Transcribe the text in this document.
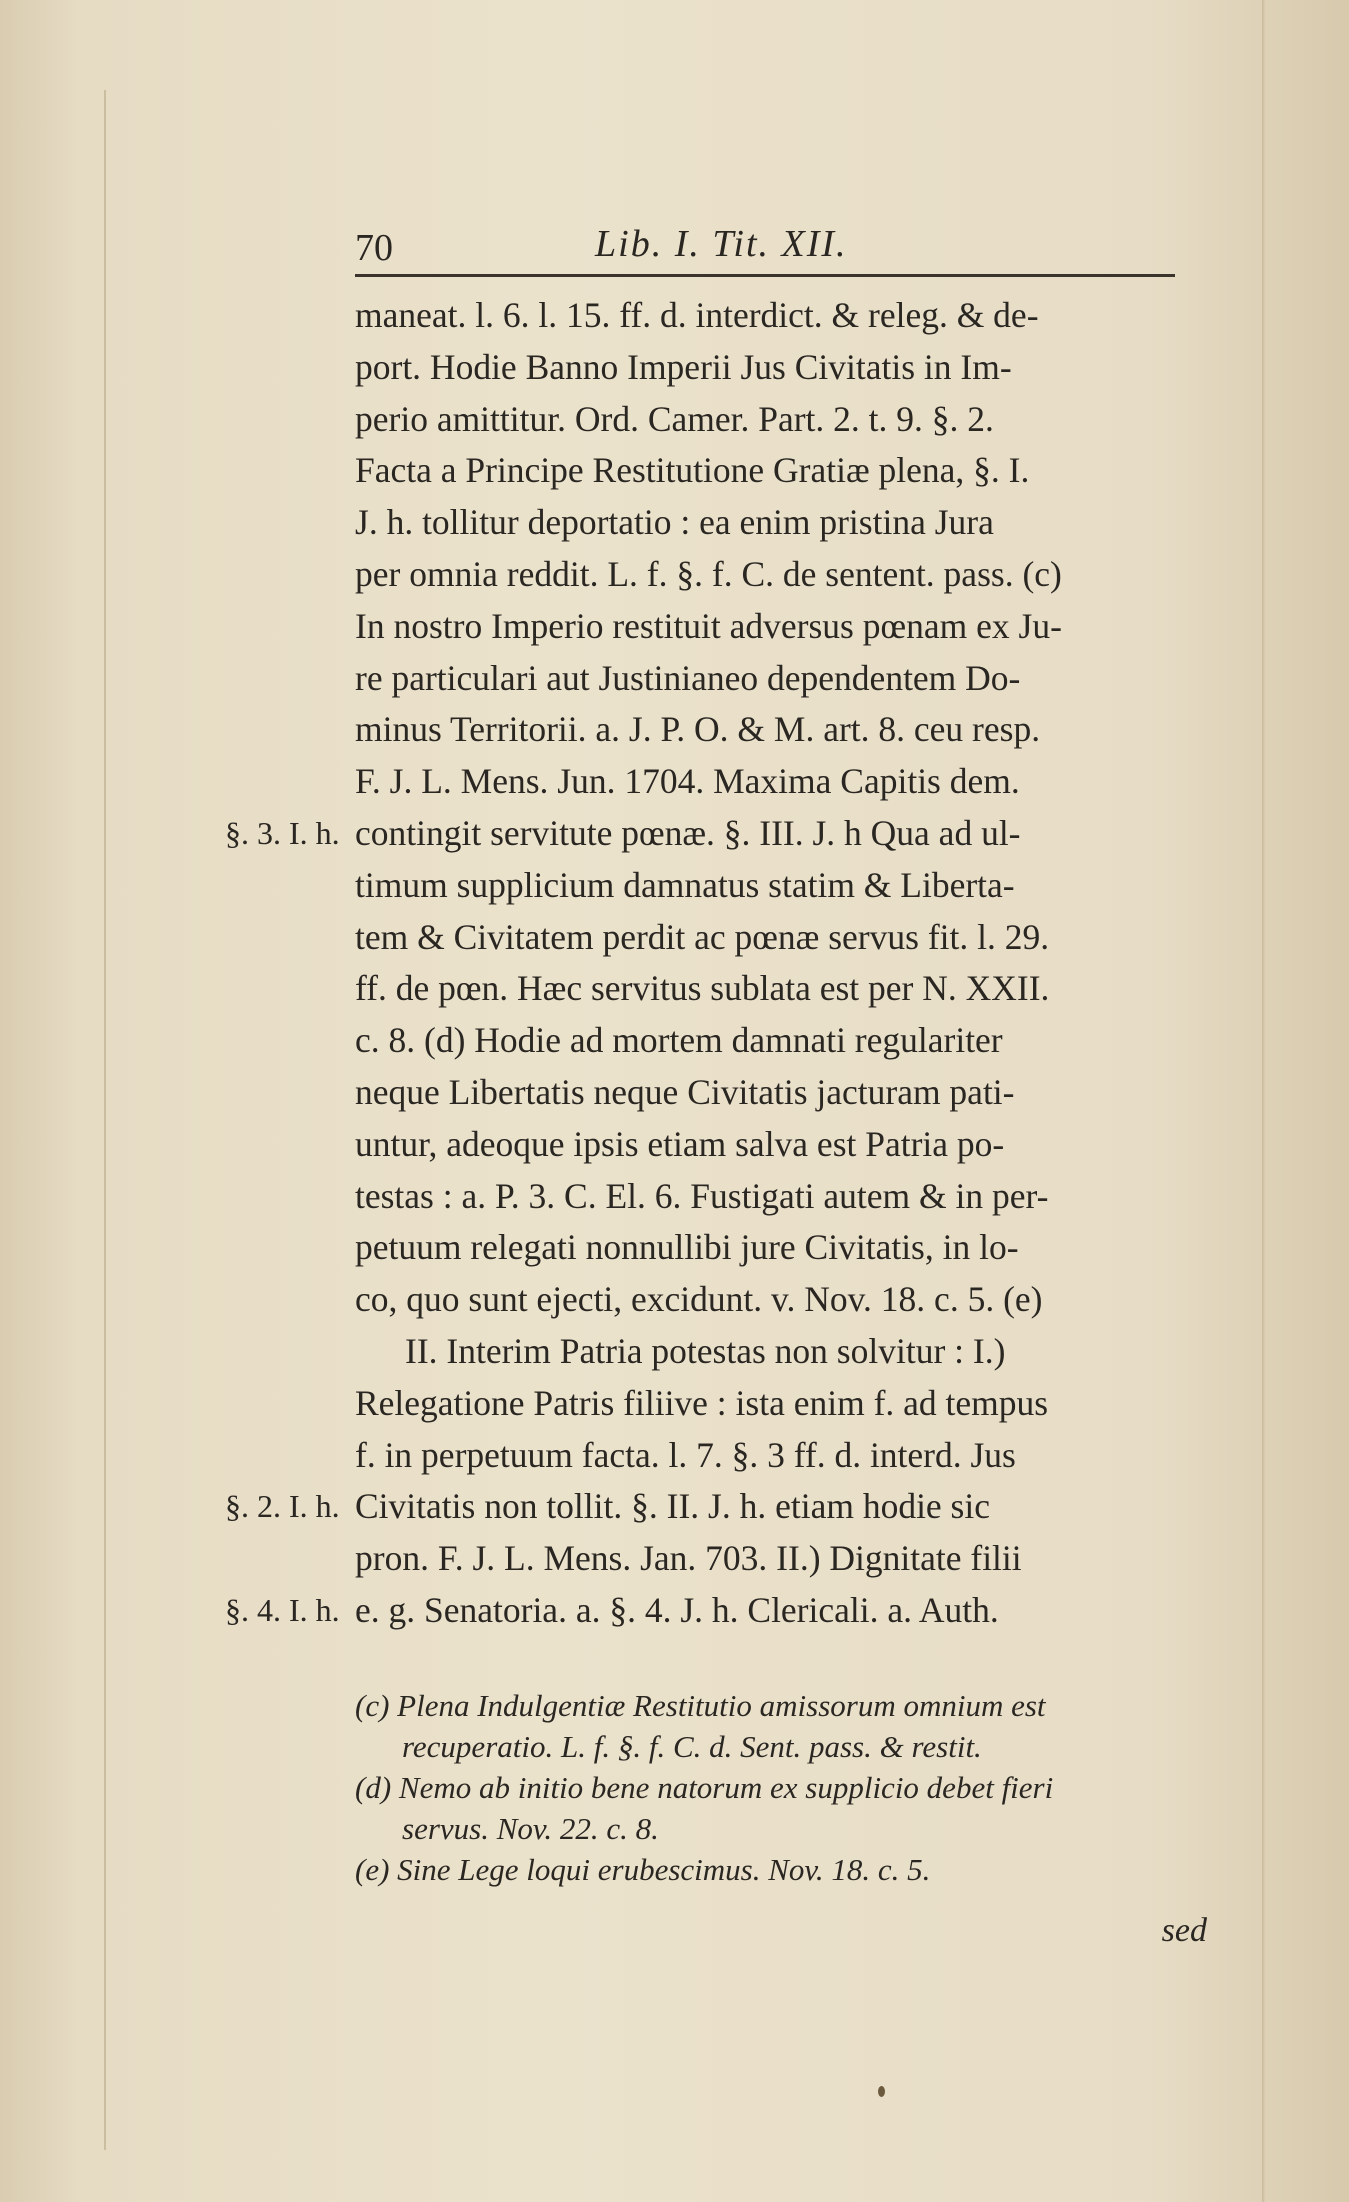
70	Lib. I. Tit. XII.
maneat. l. 6. l. 15. ff. d. interdict. & releg. & de-
port. Hodie Banno Imperii Jus Civitatis in Im-
perio amittitur. Ord. Camer. Part. 2. t. 9. §. 2.
Facta a Principe Restitutione Gratiæ plena, §. I.
J. h. tollitur deportatio : ea enim pristina Jura
per omnia reddit. L. f. §. f. C. de sentent. pass. (c)
In nostro Imperio restituit adversus pœnam ex Ju-
re particulari aut Justinianeo dependentem Do-
minus Territorii. a. J. P. O. & M. art. 8. ceu resp.
F. J. L. Mens. Jun. 1704. Maxima Capitis dem.
contingit servitute pœnæ. §. III. J. h Qua ad ul-
§. 3. I. h.
timum supplicium damnatus statim & Liberta-
tem & Civitatem perdit ac pœnæ servus fit. l. 29.
ff. de pœn. Hæc servitus sublata est per N. XXII.
c. 8. (d) Hodie ad mortem damnati regulariter
neque Libertatis neque Civitatis jacturam pati-
untur, adeoque ipsis etiam salva est Patria po-
testas : a. P. 3. C. El. 6. Fustigati autem & in per-
petuum relegati nonnullibi jure Civitatis, in lo-
co, quo sunt ejecti, excidunt. v. Nov. 18. c. 5. (e)
II. Interim Patria potestas non solvitur : I.)
Relegatione Patris filiive : ista enim f. ad tempus
f. in perpetuum facta. l. 7. §. 3 ff. d. interd. Jus
Civitatis non tollit. §. II. J. h. etiam hodie sic
§. 2. I. h.
pron. F. J. L. Mens. Jan. 703. II.) Dignitate filii
e. g. Senatoria. a. §. 4. J. h. Clericali. a. Auth.
§. 4. I. h.
(c) Plena Indulgentiæ Restitutio amissorum omnium est
recuperatio. L. f. §. f. C. d. Sent. pass. & restit.
(d) Nemo ab initio bene natorum ex supplicio debet fieri
servus. Nov. 22. c. 8.
(e) Sine Lege loqui erubescimus. Nov. 18. c. 5.
sed
